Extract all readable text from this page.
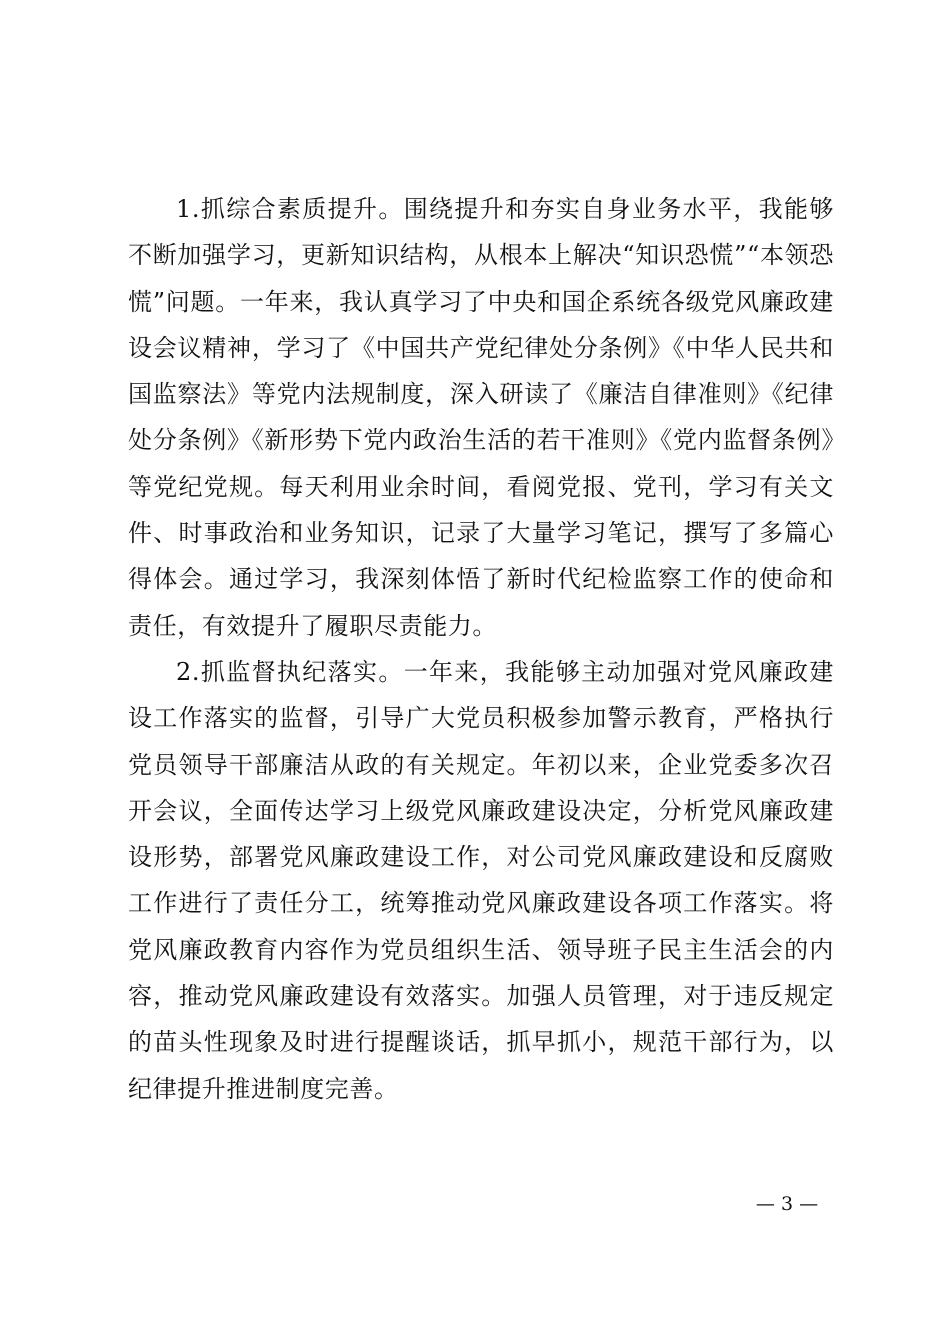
1.抓综合素质提升。围绕提升和夯实自身业务水平，我能够不断加强学习，更新知识结构，从根本上解决“知识恐慌”“本领恐慌”问题。一年来，我认真学习了中央和国企系统各级党风廉政建设会议精神，学习了《中国共产党纪律处分条例》《中华人民共和国监察法》等党内法规制度，深入研读了《廉洁自律准则》《纪律处分条例》《新形势下党内政治生活的若干准则》《党内监督条例》等党纪党规。每天利用业余时间，看阅党报、党刊，学习有关文件、时事政治和业务知识，记录了大量学习笔记，撰写了多篇心得体会。通过学习，我深刻体悟了新时代纪检监察工作的使命和责任，有效提升了履职尽责能力。

2.抓监督执纪落实。一年来，我能够主动加强对党风廉政建设工作落实的监督，引导广大党员积极参加警示教育，严格执行党员领导干部廉洁从政的有关规定。年初以来，企业党委多次召开会议，全面传达学习上级党风廉政建设决定，分析党风廉政建设形势，部署党风廉政建设工作，对公司党风廉政建设和反腐败工作进行了责任分工，统筹推动党风廉政建设各项工作落实。将党风廉政教育内容作为党员组织生活、领导班子民主生活会的内容，推动党风廉政建设有效落实。加强人员管理，对于违反规定的苗头性现象及时进行提醒谈话，抓早抓小，规范干部行为，以纪律提升推进制度完善。

— 3 —
